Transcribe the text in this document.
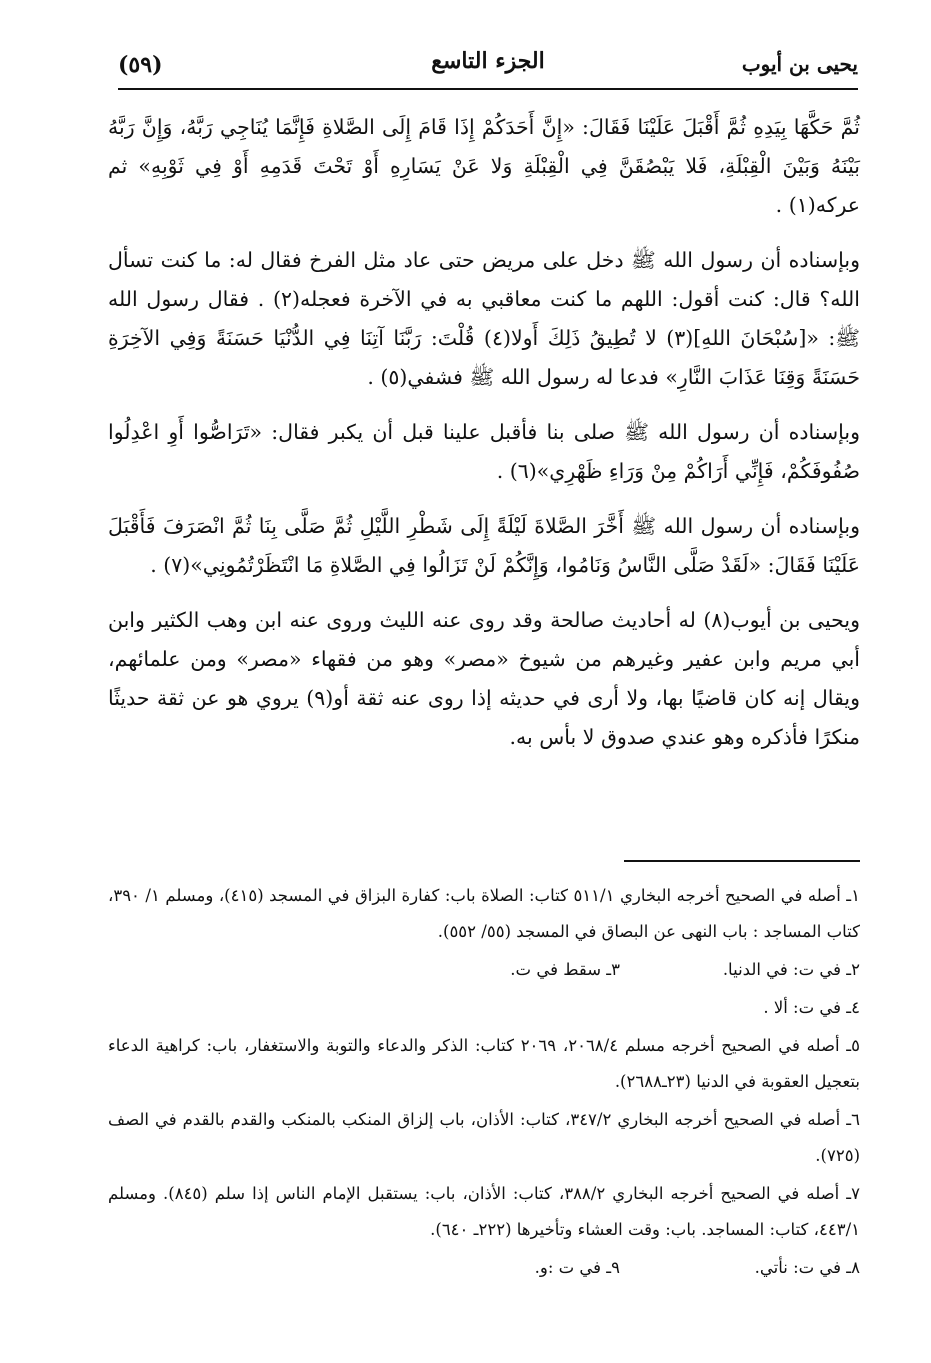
يحيى بن أيوب
الجزء التاسع
(٥٩)

ثُمَّ حَكَّهَا بِيَدِهِ ثُمَّ أَقْبَلَ عَلَيْنَا فَقَالَ: «إِنَّ أَحَدَكُمْ إِذَا قَامَ إِلَى الصَّلاةِ فَإِنَّمَا يُنَاجِي رَبَّهُ، وَإِنَّ رَبَّهُ بَيْنَهُ وَبَيْنَ الْقِبْلَةِ، فَلا يَبْصُقَنَّ فِي الْقِبْلَةِ وَلا عَنْ يَسَارِهِ أَوْ تَحْتَ قَدَمِهِ أَوْ فِي ثَوْبِهِ» ثم عركه(١) .

وبإسناده أن رسول الله ﷺ دخل على مريض حتى عاد مثل الفرخ فقال له: ما كنت تسأل الله؟ قال: كنت أقول: اللهم ما كنت معاقبي به في الآخرة فعجله(٢) . فقال رسول الله ﷺ: «[سُبْحَانَ اللهِ](٣) لا تُطِيقُ ذَلِكَ أَولا(٤) قُلْتَ: رَبَّنَا آتِنَا فِي الدُّنْيَا حَسَنَةً وَفِي الآخِرَةِ حَسَنَةً وَقِنَا عَذَابَ النَّارِ» فدعا له رسول الله ﷺ فشفي(٥) .

وبإسناده أن رسول الله ﷺ صلى بنا فأقبل علينا قبل أن يكبر فقال: «تَرَاصُّوا أَوِ اعْدِلُوا صُفُوفَكُمْ، فَإِنِّي أَرَاكُمْ مِنْ وَرَاءِ ظَهْرِي»(٦) .

وبإسناده أن رسول الله ﷺ أَخَّرَ الصَّلاةَ لَيْلَةً إِلَى شَطْرِ اللَّيْلِ ثُمَّ صَلَّى بِنَا ثُمَّ انْصَرَفَ فَأَقْبَلَ عَلَيْنَا فَقَالَ: «لَقَدْ صَلَّى النَّاسُ وَنَامُوا، وَإِنَّكُمْ لَنْ تَزَالُوا فِي الصَّلاةِ مَا انْتَظَرْتُمُونِي»(٧) .

ويحيى بن أيوب(٨) له أحاديث صالحة وقد روى عنه الليث وروى عنه ابن وهب الكثير وابن أبي مريم وابن عفير وغيرهم من شيوخ «مصر» وهو من فقهاء «مصر» ومن علمائهم، ويقال إنه كان قاضيًا بها، ولا أرى في حديثه إذا روى عنه ثقة أو(٩) يروي هو عن ثقة حديثًا منكرًا فأذكره وهو عندي صدوق لا بأس به.

١ـ أصله في الصحيح أخرجه البخاري ٥١١/١ كتاب: الصلاة باب: كفارة البزاق في المسجد (٤١٥)، ومسلم ١/ ٣٩٠، كتاب المساجد : باب النهى عن البصاق في المسجد (٥٥/ ٥٥٢).

٢ـ في ت: في الدنيا.
٣ـ سقط في ت.

٤ـ في ت: ألا .

٥ـ أصله في الصحيح أخرجه مسلم ٢٠٦٨/٤، ٢٠٦٩ كتاب: الذكر والدعاء والتوبة والاستغفار، باب: كراهية الدعاء بتعجيل العقوبة في الدنيا (٢٣ـ٢٦٨٨).

٦ـ أصله في الصحيح أخرجه البخاري ٣٤٧/٢، كتاب: الأذان، باب إلزاق المنكب بالمنكب والقدم بالقدم في الصف (٧٢٥).

٧ـ أصله في الصحيح أخرجه البخاري ٣٨٨/٢، كتاب: الأذان، باب: يستقبل الإمام الناس إذا سلم (٨٤٥). ومسلم ٤٤٣/١، كتاب: المساجد. باب: وقت العشاء وتأخيرها (٢٢٢ـ ٦٤٠).

٨ـ في ت: نأتي.
٩ـ في ت :و.
